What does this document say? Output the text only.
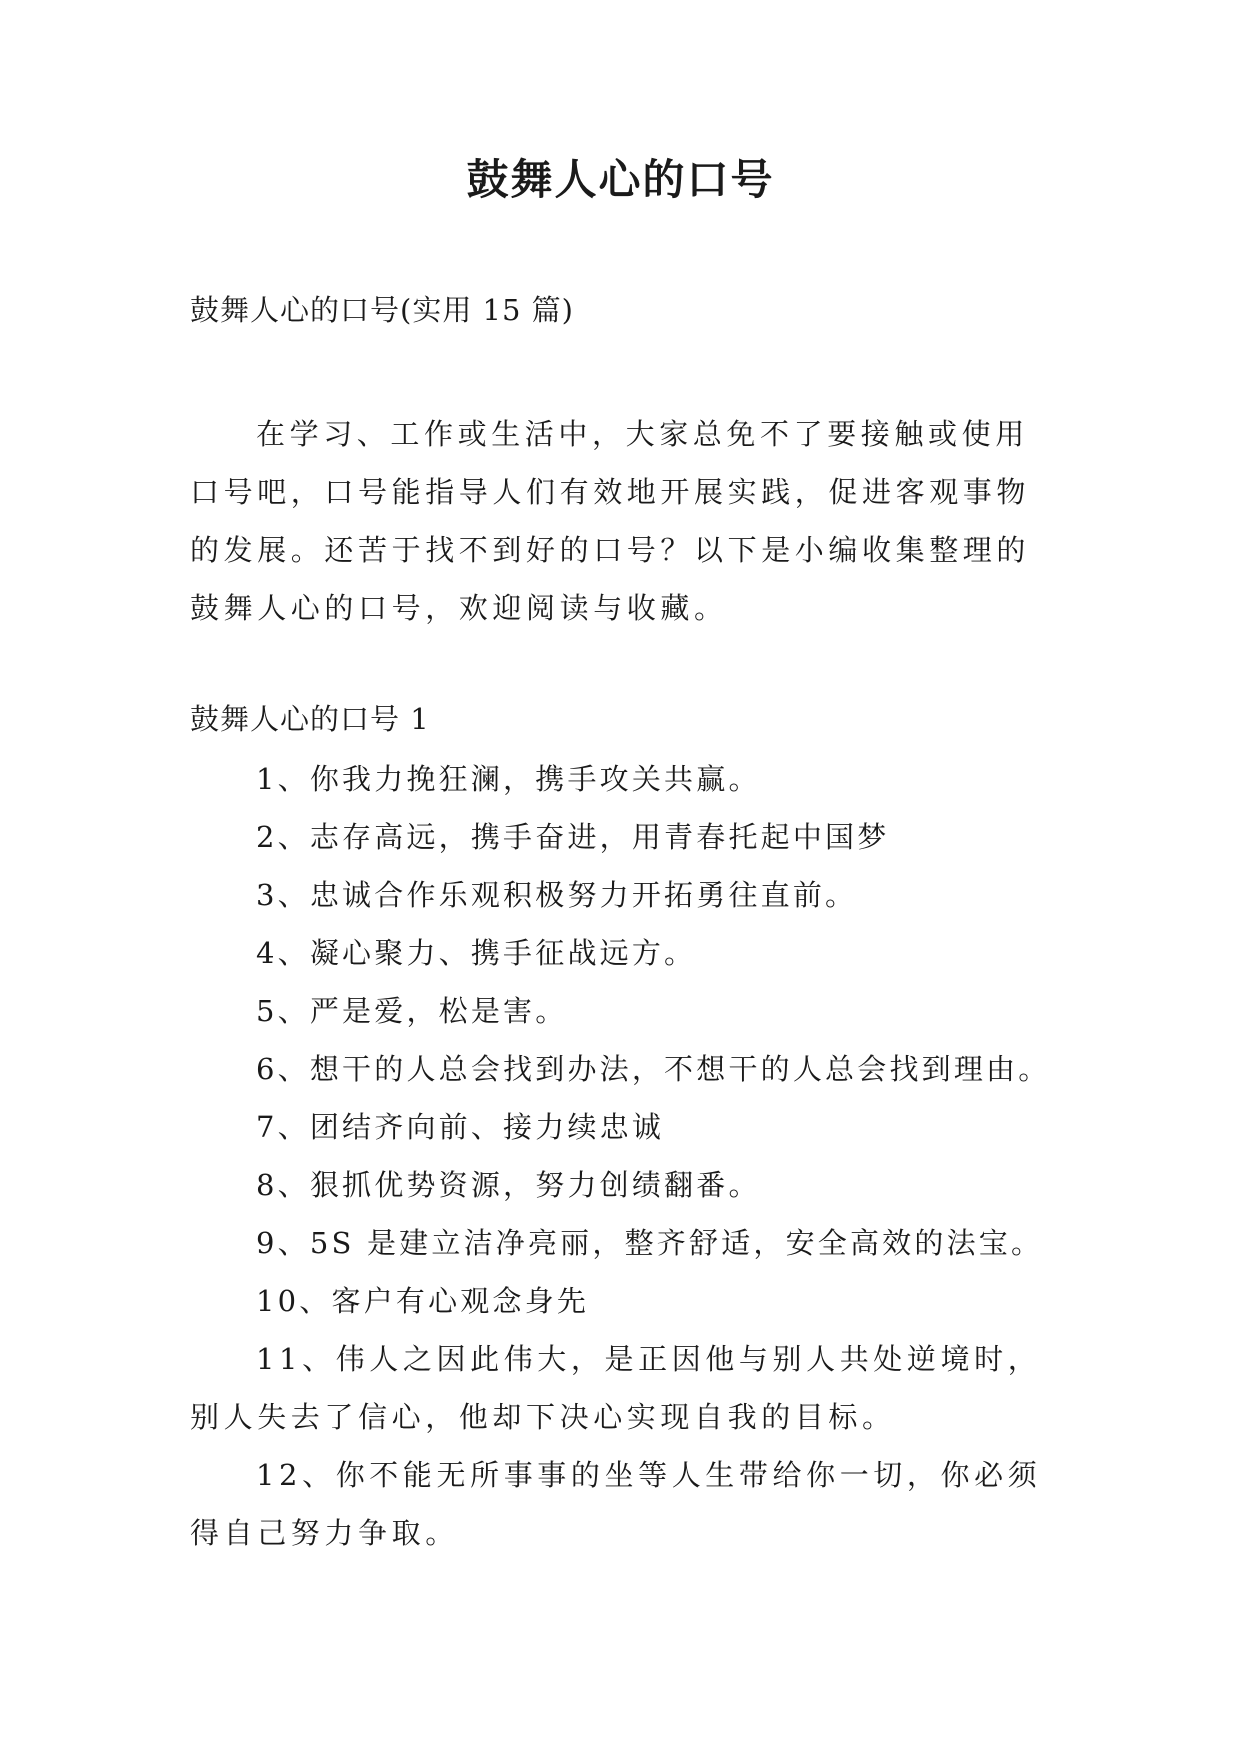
鼓舞人心的口号

鼓舞人心的口号(实用 15 篇)

在学习、工作或生活中，大家总免不了要接触或使用口号吧，口号能指导人们有效地开展实践，促进客观事物的发展。还苦于找不到好的口号？以下是小编收集整理的鼓舞人心的口号，欢迎阅读与收藏。

鼓舞人心的口号 1

1、你我力挽狂澜，携手攻关共赢。
2、志存高远，携手奋进，用青春托起中国梦
3、忠诚合作乐观积极努力开拓勇往直前。
4、凝心聚力、携手征战远方。
5、严是爱，松是害。
6、想干的人总会找到办法，不想干的人总会找到理由。
7、团结齐向前、接力续忠诚
8、狠抓优势资源，努力创绩翻番。
9、5S 是建立洁净亮丽，整齐舒适，安全高效的法宝。
10、客户有心观念身先
11、伟人之因此伟大，是正因他与别人共处逆境时，别人失去了信心，他却下决心实现自我的目标。
12、你不能无所事事的坐等人生带给你一切，你必须得自己努力争取。
